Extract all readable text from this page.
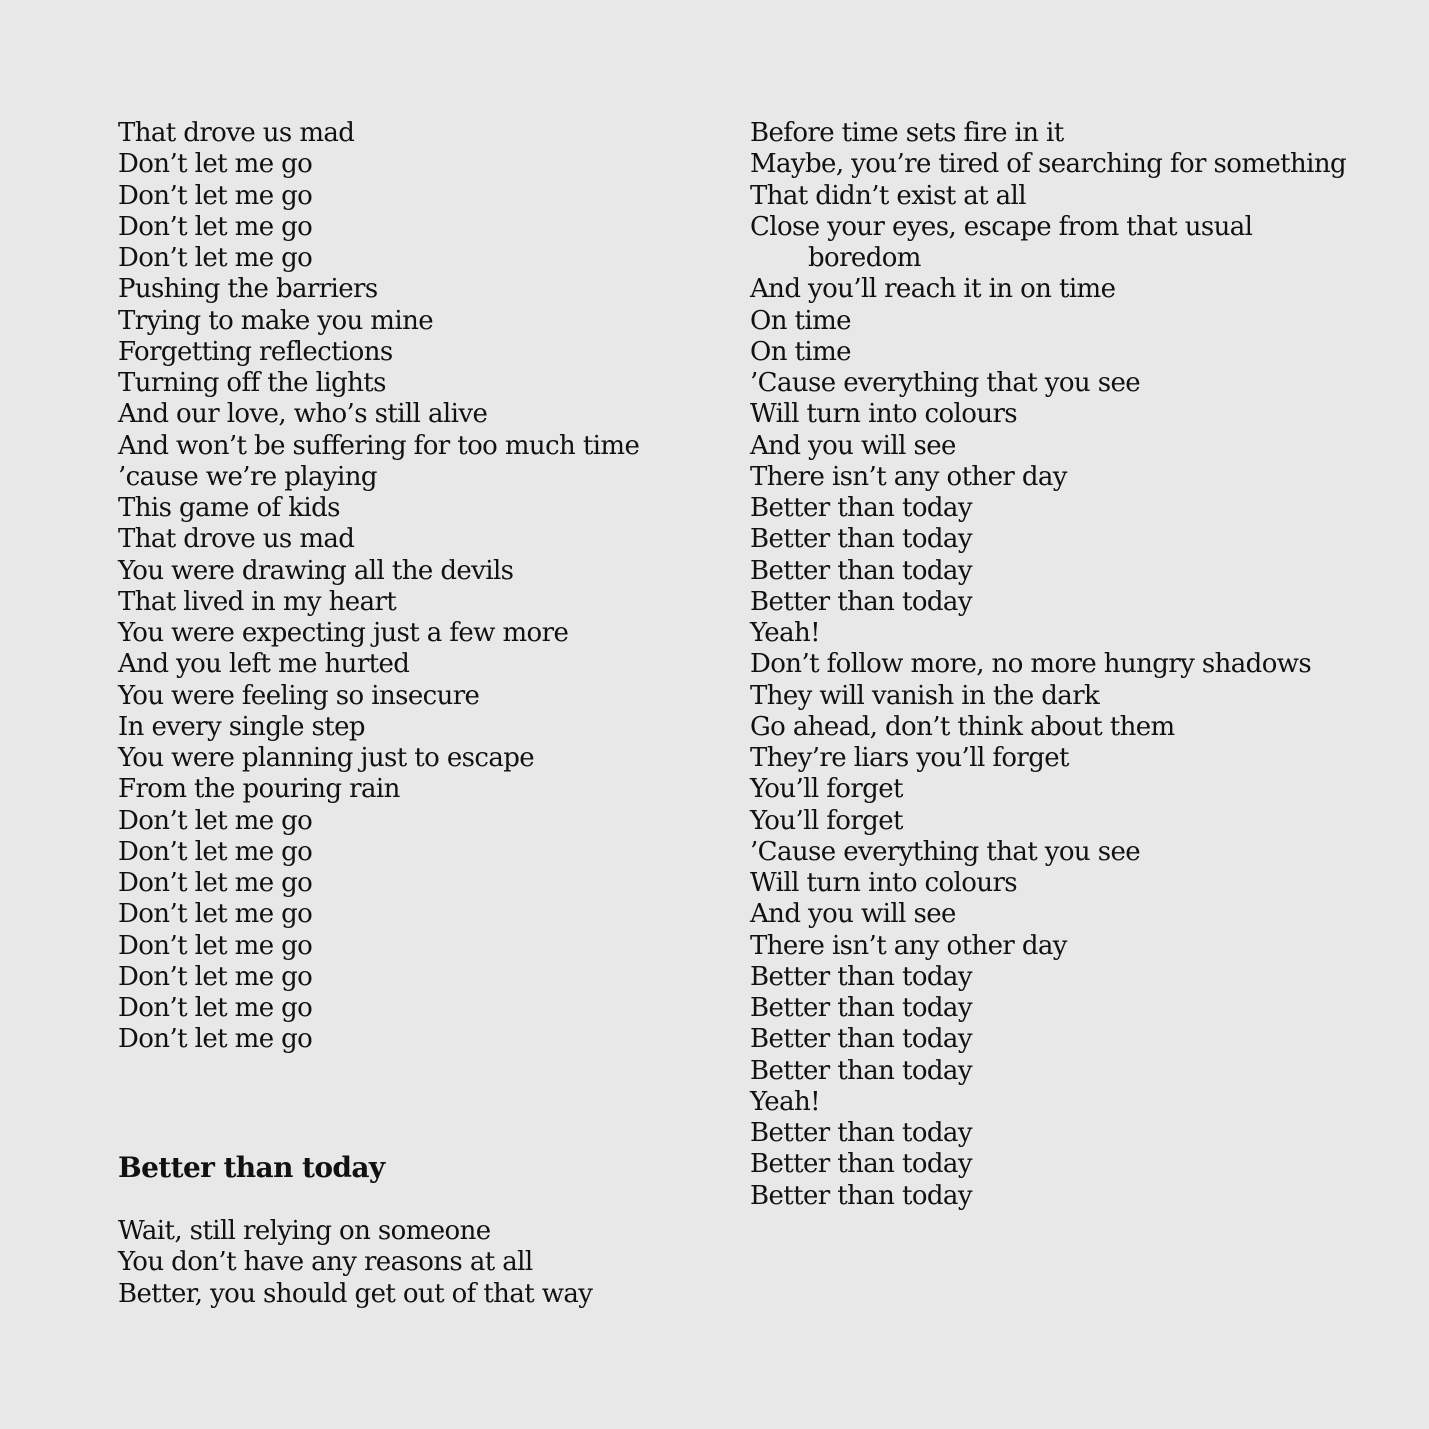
That drove us mad
Don’t let me go
Don’t let me go
Don’t let me go
Don’t let me go
Pushing the barriers
Trying to make you mine
Forgetting reflections
Turning off the lights
And our love, who’s still alive
And won’t be suffering for too much time
’cause we’re playing
This game of kids
That drove us mad
You were drawing all the devils
That lived in my heart
You were expecting just a few more
And you left me hurted
You were feeling so insecure
In every single step
You were planning just to escape
From the pouring rain
Don’t let me go
Don’t let me go
Don’t let me go
Don’t let me go
Don’t let me go
Don’t let me go
Don’t let me go
Don’t let me go
Better than today
Wait, still relying on someone
You don’t have any reasons at all
Better, you should get out of that way
Before time sets fire in it
Maybe, you’re tired of searching for something
That didn’t exist at all
Close your eyes, escape from that usual
boredom
And you’ll reach it in on time
On time
On time
’Cause everything that you see
Will turn into colours
And you will see
There isn’t any other day
Better than today
Better than today
Better than today
Better than today
Yeah!
Don’t follow more, no more hungry shadows
They will vanish in the dark
Go ahead, don’t think about them
They’re liars you’ll forget
You’ll forget
You’ll forget
’Cause everything that you see
Will turn into colours
And you will see
There isn’t any other day
Better than today
Better than today
Better than today
Better than today
Yeah!
Better than today
Better than today
Better than today
